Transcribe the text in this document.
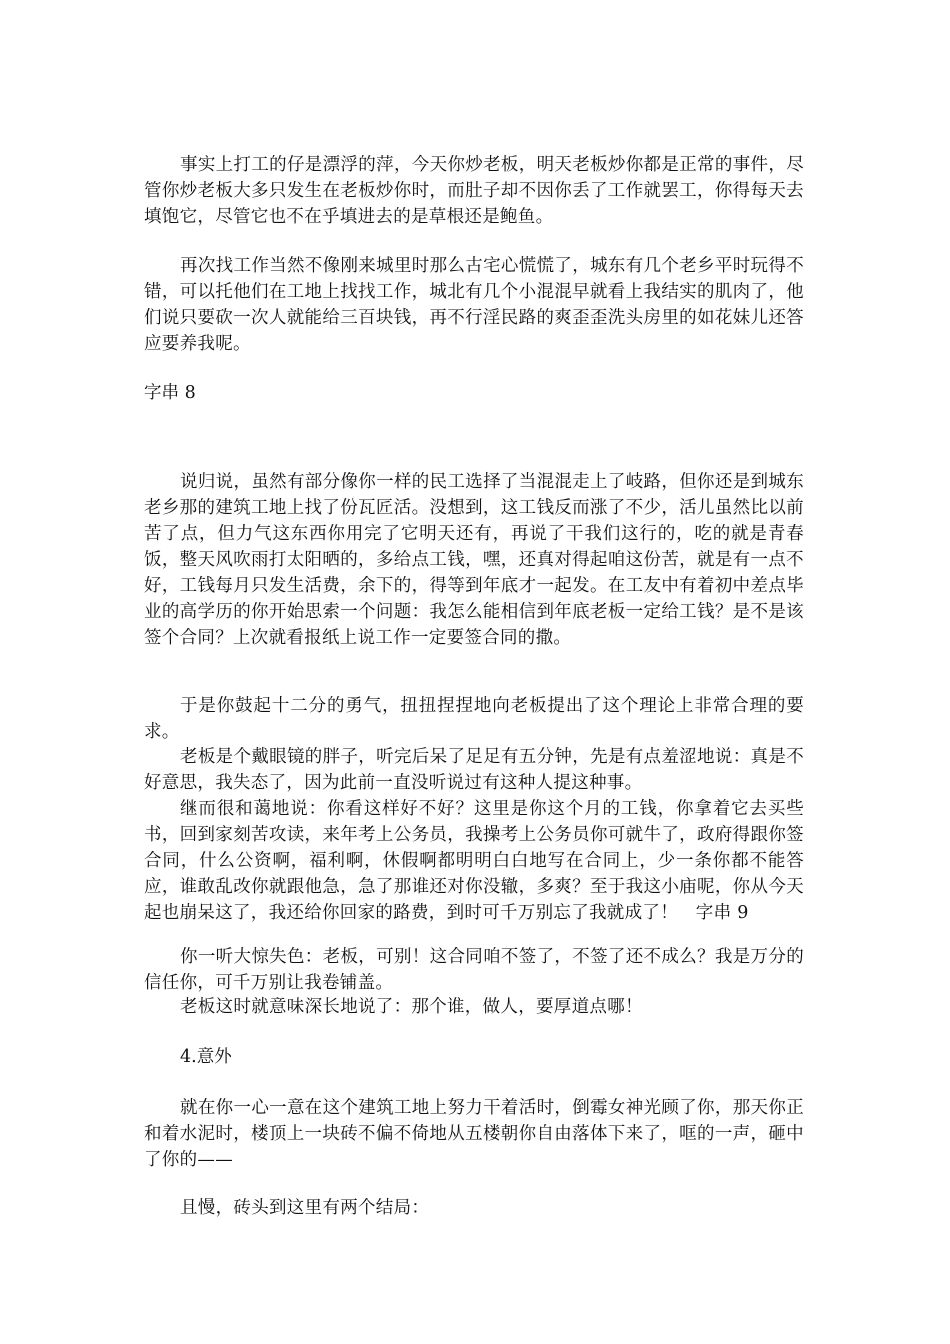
事实上打工的仔是漂浮的萍，今天你炒老板，明天老板炒你都是正常的事件，尽管你炒老板大多只发生在老板炒你时，而肚子却不因你丢了工作就罢工，你得每天去填饱它，尽管它也不在乎填进去的是草根还是鲍鱼。

再次找工作当然不像刚来城里时那么古宅心慌慌了，城东有几个老乡平时玩得不错，可以托他们在工地上找找工作，城北有几个小混混早就看上我结实的肌肉了，他们说只要砍一次人就能给三百块钱，再不行淫民路的爽歪歪洗头房里的如花妹儿还答应要养我呢。

字串 8

说归说，虽然有部分像你一样的民工选择了当混混走上了岐路，但你还是到城东老乡那的建筑工地上找了份瓦匠活。没想到，这工钱反而涨了不少，活儿虽然比以前苦了点，但力气这东西你用完了它明天还有，再说了干我们这行的，吃的就是青春饭，整天风吹雨打太阳晒的，多给点工钱，嘿，还真对得起咱这份苦，就是有一点不好，工钱每月只发生活费，余下的，得等到年底才一起发。在工友中有着初中差点毕业的高学历的你开始思索一个问题：我怎么能相信到年底老板一定给工钱？是不是该签个合同？上次就看报纸上说工作一定要签合同的撒。

于是你鼓起十二分的勇气，扭扭捏捏地向老板提出了这个理论上非常合理的要求。

老板是个戴眼镜的胖子，听完后呆了足足有五分钟，先是有点羞涩地说：真是不好意思，我失态了，因为此前一直没听说过有这种人提这种事。

继而很和蔼地说：你看这样好不好？这里是你这个月的工钱，你拿着它去买些书，回到家刻苦攻读，来年考上公务员，我操考上公务员你可就牛了，政府得跟你签合同，什么公资啊，福利啊，休假啊都明明白白地写在合同上，少一条你都不能答应，谁敢乱改你就跟他急，急了那谁还对你没辙，多爽？至于我这小庙呢，你从今天起也崩呆这了，我还给你回家的路费，到时可千万别忘了我就成了！　字串 9

你一听大惊失色：老板，可别！这合同咱不签了，不签了还不成么？我是万分的信任你，可千万别让我卷铺盖。

老板这时就意味深长地说了：那个谁，做人，要厚道点哪！

4.意外

就在你一心一意在这个建筑工地上努力干着活时，倒霉女神光顾了你，那天你正和着水泥时，楼顶上一块砖不偏不倚地从五楼朝你自由落体下来了，哐的一声，砸中了你的——

且慢，砖头到这里有两个结局：
